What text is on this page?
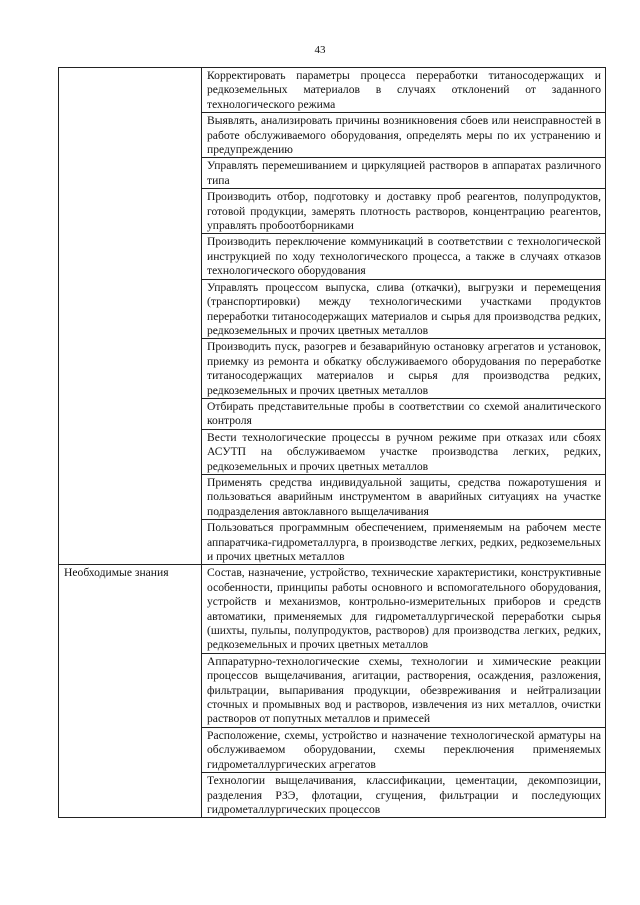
43
	Корректировать параметры процесса переработки титаносодержащих и редкоземельных материалов в случаях отклонений от заданного технологического режима
	Выявлять, анализировать причины возникновения сбоев или неисправностей в работе обслуживаемого оборудования, определять меры по их устранению и предупреждению
	Управлять перемешиванием и циркуляцией растворов в аппаратах различного типа
	Производить отбор, подготовку и доставку проб реагентов, полупродуктов, готовой продукции, замерять плотность растворов, концентрацию реагентов, управлять пробоотборниками
	Производить переключение коммуникаций в соответствии с технологической инструкцией по ходу технологического процесса, а также в случаях отказов технологического оборудования
	Управлять процессом выпуска, слива (откачки), выгрузки и перемещения (транспортировки) между технологическими участками продуктов переработки титаносодержащих материалов и сырья для производства редких, редкоземельных и прочих цветных металлов
	Производить пуск, разогрев и безаварийную остановку агрегатов и установок, приемку из ремонта и обкатку обслуживаемого оборудования по переработке титаносодержащих материалов и сырья для производства редких, редкоземельных и прочих цветных металлов
	Отбирать представительные пробы в соответствии со схемой аналитического контроля
	Вести технологические процессы в ручном режиме при отказах или сбоях АСУТП на обслуживаемом участке производства легких, редких, редкоземельных и прочих цветных металлов
	Применять средства индивидуальной защиты, средства пожаротушения и пользоваться аварийным инструментом в аварийных ситуациях на участке подразделения автоклавного выщелачивания
	Пользоваться программным обеспечением, применяемым на рабочем месте аппаратчика-гидрометаллурга, в производстве легких, редких, редкоземельных и прочих цветных металлов
Необходимые знания	Состав, назначение, устройство, технические характеристики, конструктивные особенности, принципы работы основного и вспомогательного оборудования, устройств и механизмов, контрольно-измерительных приборов и средств автоматики, применяемых для гидрометаллургической переработки сырья (шихты, пульпы, полупродуктов, растворов) для производства легких, редких, редкоземельных и прочих цветных металлов
	Аппаратурно-технологические схемы, технологии и химические реакции процессов выщелачивания, агитации, растворения, осаждения, разложения, фильтрации, выпаривания продукции, обезвреживания и нейтрализации сточных и промывных вод и растворов, извлечения из них металлов, очистки растворов от попутных металлов и примесей
	Расположение, схемы, устройство и назначение технологической арматуры на обслуживаемом оборудовании, схемы переключения применяемых гидрометаллургических агрегатов
	Технологии выщелачивания, классификации, цементации, декомпозиции, разделения РЗЭ, флотации, сгущения, фильтрации и последующих гидрометаллургических процессов
